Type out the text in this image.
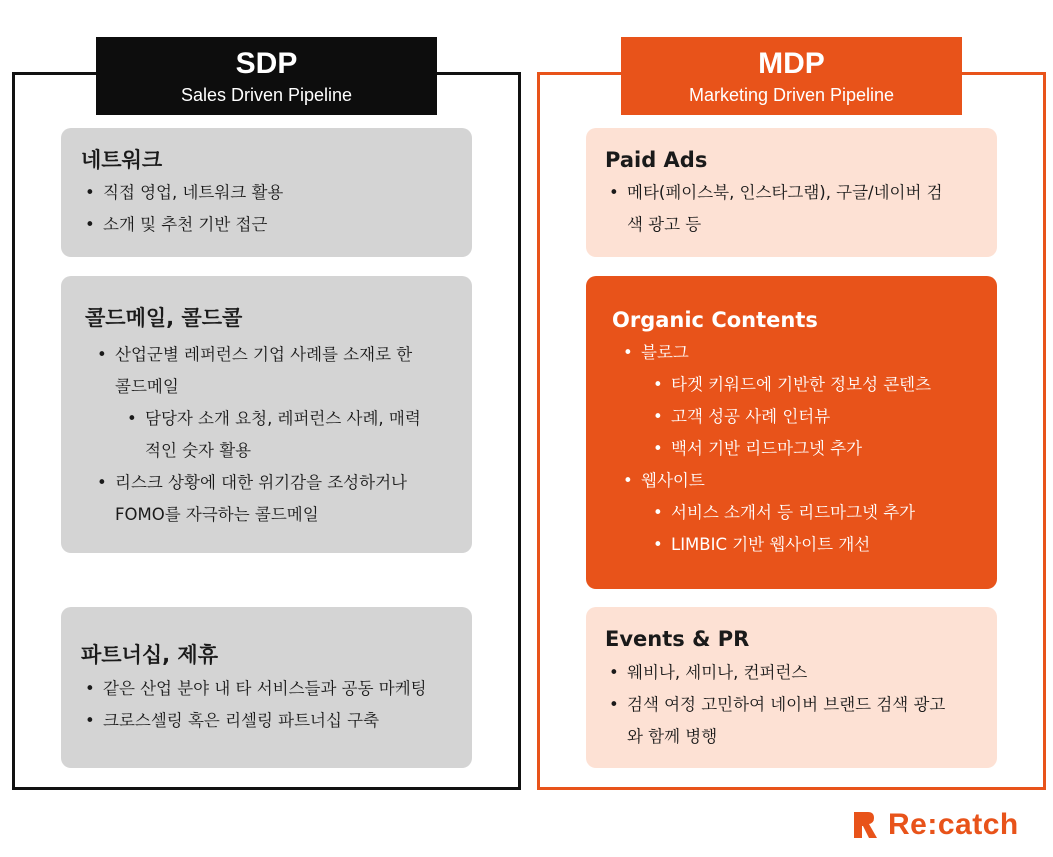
SDP
Sales Driven Pipeline
네트워크
• 직접 영업, 네트워크 활용
• 소개 및 추천 기반 접근
콜드메일, 콜드콜
• 산업군별 레퍼런스 기업 사례를 소재로 한
콜드메일
• 담당자 소개 요청, 레퍼런스 사례, 매력
적인 숫자 활용
• 리스크 상황에 대한 위기감을 조성하거나
FOMO를 자극하는 콜드메일
파트너십, 제휴
• 같은 산업 분야 내 타 서비스들과 공동 마케팅
• 크로스셀링 혹은 리셀링 파트너십 구축
MDP
Marketing Driven Pipeline
Paid Ads
• 메타(페이스북, 인스타그램), 구글/네이버 검
색 광고 등
Organic Contents
• 블로그
• 타겟 키워드에 기반한 정보성 콘텐츠
• 고객 성공 사례 인터뷰
• 백서 기반 리드마그넷 추가
• 웹사이트
• 서비스 소개서 등 리드마그넷 추가
• LIMBIC 기반 웹사이트 개선
Events & PR
• 웨비나, 세미나, 컨퍼런스
• 검색 여정 고민하여 네이버 브랜드 검색 광고
와 함께 병행
Re:catch
